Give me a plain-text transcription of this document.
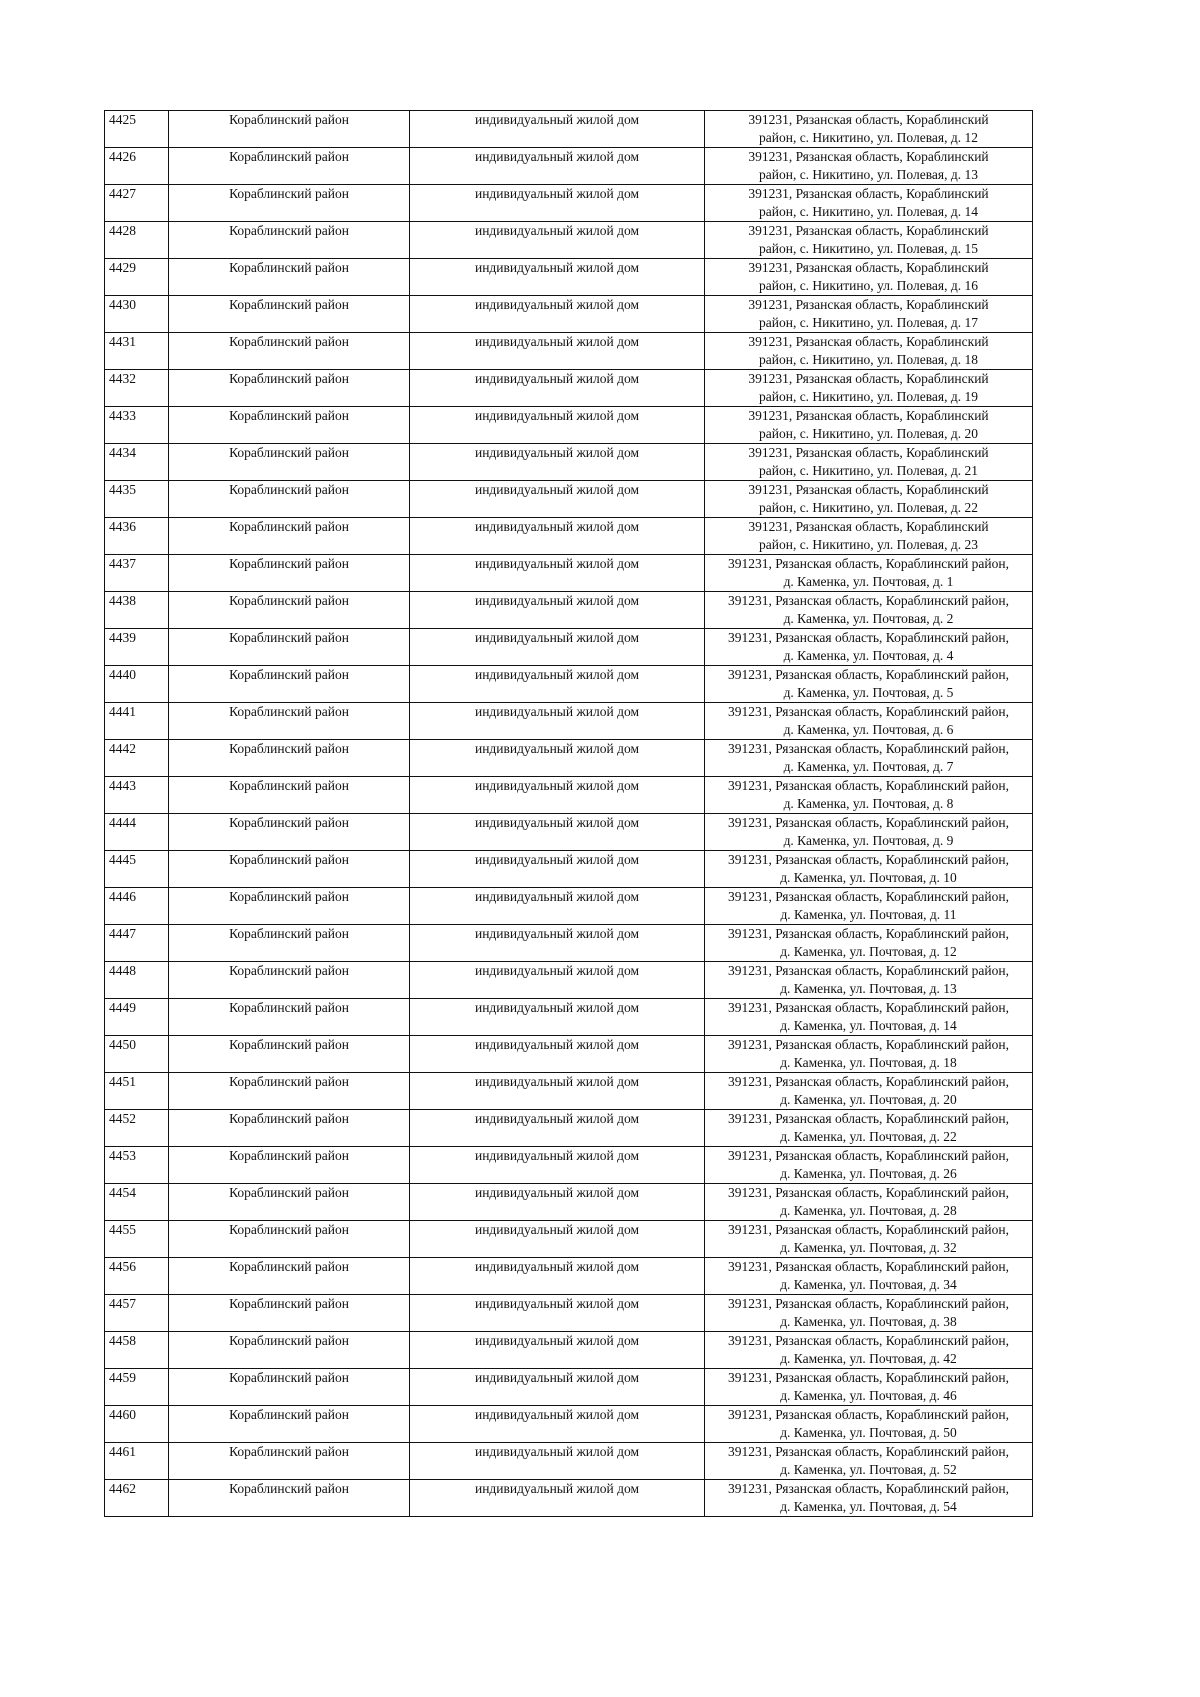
4425	Кораблинский район	индивидуальный жилой дом	391231, Рязанская область, Кораблинский
район, с. Никитино, ул. Полевая, д. 12

4426	Кораблинский район	индивидуальный жилой дом	391231, Рязанская область, Кораблинский
район, с. Никитино, ул. Полевая, д. 13

4427	Кораблинский район	индивидуальный жилой дом	391231, Рязанская область, Кораблинский
район, с. Никитино, ул. Полевая, д. 14

4428	Кораблинский район	индивидуальный жилой дом	391231, Рязанская область, Кораблинский
район, с. Никитино, ул. Полевая, д. 15

4429	Кораблинский район	индивидуальный жилой дом	391231, Рязанская область, Кораблинский
район, с. Никитино, ул. Полевая, д. 16

4430	Кораблинский район	индивидуальный жилой дом	391231, Рязанская область, Кораблинский
район, с. Никитино, ул. Полевая, д. 17

4431	Кораблинский район	индивидуальный жилой дом	391231, Рязанская область, Кораблинский
район, с. Никитино, ул. Полевая, д. 18

4432	Кораблинский район	индивидуальный жилой дом	391231, Рязанская область, Кораблинский
район, с. Никитино, ул. Полевая, д. 19

4433	Кораблинский район	индивидуальный жилой дом	391231, Рязанская область, Кораблинский
район, с. Никитино, ул. Полевая, д. 20

4434	Кораблинский район	индивидуальный жилой дом	391231, Рязанская область, Кораблинский
район, с. Никитино, ул. Полевая, д. 21

4435	Кораблинский район	индивидуальный жилой дом	391231, Рязанская область, Кораблинский
район, с. Никитино, ул. Полевая, д. 22

4436	Кораблинский район	индивидуальный жилой дом	391231, Рязанская область, Кораблинский
район, с. Никитино, ул. Полевая, д. 23

4437	Кораблинский район	индивидуальный жилой дом	391231, Рязанская область, Кораблинский район,
д. Каменка, ул. Почтовая, д. 1

4438	Кораблинский район	индивидуальный жилой дом	391231, Рязанская область, Кораблинский район,
д. Каменка, ул. Почтовая, д. 2

4439	Кораблинский район	индивидуальный жилой дом	391231, Рязанская область, Кораблинский район,
д. Каменка, ул. Почтовая, д. 4

4440	Кораблинский район	индивидуальный жилой дом	391231, Рязанская область, Кораблинский район,
д. Каменка, ул. Почтовая, д. 5

4441	Кораблинский район	индивидуальный жилой дом	391231, Рязанская область, Кораблинский район,
д. Каменка, ул. Почтовая, д. 6

4442	Кораблинский район	индивидуальный жилой дом	391231, Рязанская область, Кораблинский район,
д. Каменка, ул. Почтовая, д. 7

4443	Кораблинский район	индивидуальный жилой дом	391231, Рязанская область, Кораблинский район,
д. Каменка, ул. Почтовая, д. 8

4444	Кораблинский район	индивидуальный жилой дом	391231, Рязанская область, Кораблинский район,
д. Каменка, ул. Почтовая, д. 9

4445	Кораблинский район	индивидуальный жилой дом	391231, Рязанская область, Кораблинский район,
д. Каменка, ул. Почтовая, д. 10

4446	Кораблинский район	индивидуальный жилой дом	391231, Рязанская область, Кораблинский район,
д. Каменка, ул. Почтовая, д. 11

4447	Кораблинский район	индивидуальный жилой дом	391231, Рязанская область, Кораблинский район,
д. Каменка, ул. Почтовая, д. 12

4448	Кораблинский район	индивидуальный жилой дом	391231, Рязанская область, Кораблинский район,
д. Каменка, ул. Почтовая, д. 13

4449	Кораблинский район	индивидуальный жилой дом	391231, Рязанская область, Кораблинский район,
д. Каменка, ул. Почтовая, д. 14

4450	Кораблинский район	индивидуальный жилой дом	391231, Рязанская область, Кораблинский район,
д. Каменка, ул. Почтовая, д. 18

4451	Кораблинский район	индивидуальный жилой дом	391231, Рязанская область, Кораблинский район,
д. Каменка, ул. Почтовая, д. 20

4452	Кораблинский район	индивидуальный жилой дом	391231, Рязанская область, Кораблинский район,
д. Каменка, ул. Почтовая, д. 22

4453	Кораблинский район	индивидуальный жилой дом	391231, Рязанская область, Кораблинский район,
д. Каменка, ул. Почтовая, д. 26

4454	Кораблинский район	индивидуальный жилой дом	391231, Рязанская область, Кораблинский район,
д. Каменка, ул. Почтовая, д. 28

4455	Кораблинский район	индивидуальный жилой дом	391231, Рязанская область, Кораблинский район,
д. Каменка, ул. Почтовая, д. 32

4456	Кораблинский район	индивидуальный жилой дом	391231, Рязанская область, Кораблинский район,
д. Каменка, ул. Почтовая, д. 34

4457	Кораблинский район	индивидуальный жилой дом	391231, Рязанская область, Кораблинский район,
д. Каменка, ул. Почтовая, д. 38

4458	Кораблинский район	индивидуальный жилой дом	391231, Рязанская область, Кораблинский район,
д. Каменка, ул. Почтовая, д. 42

4459	Кораблинский район	индивидуальный жилой дом	391231, Рязанская область, Кораблинский район,
д. Каменка, ул. Почтовая, д. 46

4460	Кораблинский район	индивидуальный жилой дом	391231, Рязанская область, Кораблинский район,
д. Каменка, ул. Почтовая, д. 50

4461	Кораблинский район	индивидуальный жилой дом	391231, Рязанская область, Кораблинский район,
д. Каменка, ул. Почтовая, д. 52

4462	Кораблинский район	индивидуальный жилой дом	391231, Рязанская область, Кораблинский район,
д. Каменка, ул. Почтовая, д. 54
